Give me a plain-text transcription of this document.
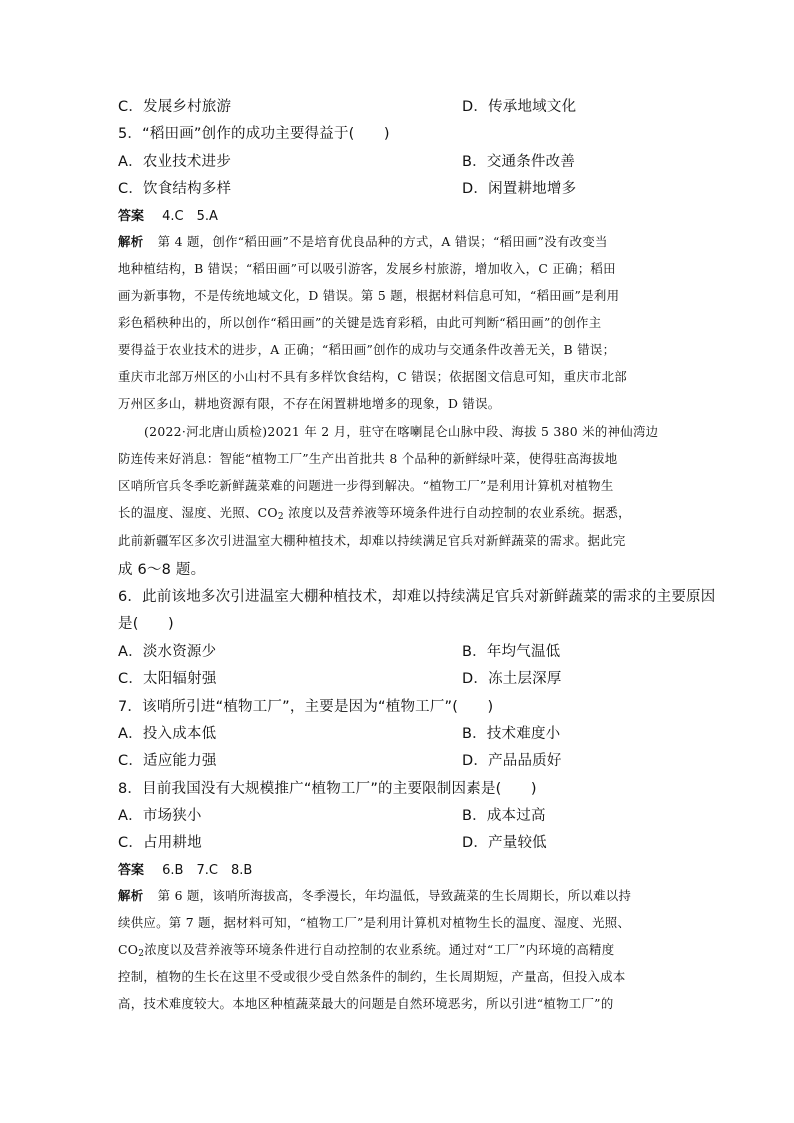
C．发展乡村旅游	D．传承地域文化
5．“稻田画”创作的成功主要得益于(　　)
A．农业技术进步	B．交通条件改善
C．饮食结构多样	D．闲置耕地增多
答案 4.C　5.A
解析 第 4 题，创作“稻田画”不是培育优良品种的方式，A 错误；“稻田画”没有改变当
地种植结构，B 错误；“稻田画”可以吸引游客，发展乡村旅游，增加收入，C 正确；稻田
画为新事物，不是传统地域文化，D 错误。第 5 题，根据材料信息可知，“稻田画”是利用
彩色稻秧种出的，所以创作“稻田画”的关键是选育彩稻，由此可判断“稻田画”的创作主
要得益于农业技术的进步，A 正确；“稻田画”创作的成功与交通条件改善无关，B 错误；
重庆市北部万州区的小山村不具有多样饮食结构，C 错误；依据图文信息可知，重庆市北部
万州区多山，耕地资源有限，不存在闲置耕地增多的现象，D 错误。
(2022·河北唐山质检)2021 年 2 月，驻守在喀喇昆仑山脉中段、海拔 5 380 米的神仙湾边
防连传来好消息：智能“植物工厂”生产出首批共 8 个品种的新鲜绿叶菜，使得驻高海拔地
区哨所官兵冬季吃新鲜蔬菜难的问题进一步得到解决。“植物工厂”是利用计算机对植物生
长的温度、湿度、光照、$CO_2$ 浓度以及营养液等环境条件进行自动控制的农业系统。据悉，
此前新疆军区多次引进温室大棚种植技术，却难以持续满足官兵对新鲜蔬菜的需求。据此完
成 6～8 题。
6．此前该地多次引进温室大棚种植技术，却难以持续满足官兵对新鲜蔬菜的需求的主要原因
是(　　)
A．淡水资源少	B．年均气温低
C．太阳辐射强	D．冻土层深厚
7．该哨所引进“植物工厂”，主要是因为“植物工厂”(　　)
A．投入成本低	B．技术难度小
C．适应能力强	D．产品品质好
8．目前我国没有大规模推广“植物工厂”的主要限制因素是(　　)
A．市场狭小	B．成本过高
C．占用耕地	D．产量较低
答案 6.B　7.C　8.B
解析 第 6 题，该哨所海拔高，冬季漫长，年均温低，导致蔬菜的生长周期长，所以难以持
续供应。第 7 题，据材料可知，“植物工厂”是利用计算机对植物生长的温度、湿度、光照、
$CO_2$浓度以及营养液等环境条件进行自动控制的农业系统。通过对“工厂”内环境的高精度
控制，植物的生长在这里不受或很少受自然条件的制约，生长周期短，产量高，但投入成本
高，技术难度较大。本地区种植蔬菜最大的问题是自然环境恶劣，所以引进“植物工厂”的
